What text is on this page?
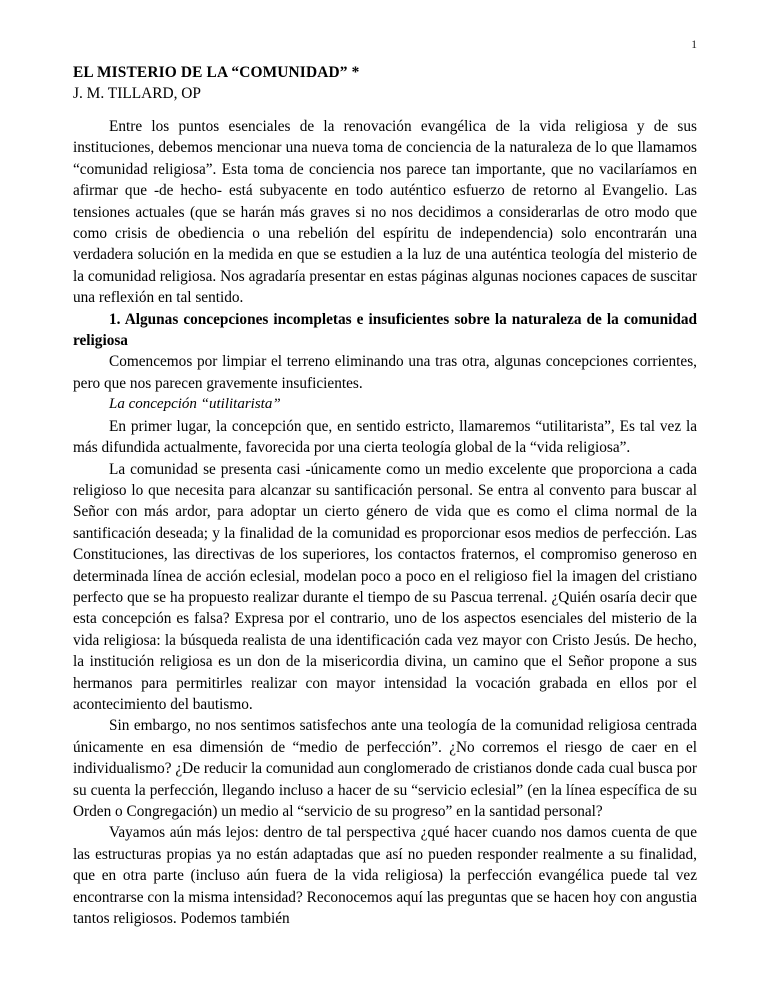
1
EL MISTERIO DE LA “COMUNIDAD” *
J. M. TILLARD, OP

Entre los puntos esenciales de la renovación evangélica de la vida religiosa y de sus instituciones, debemos mencionar una nueva toma de conciencia de la naturaleza de lo que llamamos “comunidad religiosa”. Esta toma de conciencia nos parece tan importante, que no vacilaríamos en afirmar que -de hecho- está subyacente en todo auténtico esfuerzo de retorno al Evangelio. Las tensiones actuales (que se harán más graves si no nos decidimos a considerarlas de otro modo que como crisis de obediencia o una rebelión del espíritu de independencia) solo encontrarán una verdadera solución en la medida en que se estudien a la luz de una auténtica teología del misterio de la comunidad religiosa. Nos agradaría presentar en estas páginas algunas nociones capaces de suscitar una reflexión en tal sentido.

1. Algunas concepciones incompletas e insuficientes sobre la naturaleza de la comunidad religiosa

Comencemos por limpiar el terreno eliminando una tras otra, algunas concepciones corrientes, pero que nos parecen gravemente insuficientes.

La concepción “utilitarista”

En primer lugar, la concepción que, en sentido estricto, llamaremos “utilitarista”, Es tal vez la más difundida actualmente, favorecida por una cierta teología global de la “vida religiosa”.

La comunidad se presenta casi -únicamente como un medio excelente que proporciona a cada religioso lo que necesita para alcanzar su santificación personal. Se entra al convento para buscar al Señor con más ardor, para adoptar un cierto género de vida que es como el clima normal de la santificación deseada; y la finalidad de la comunidad es proporcionar esos medios de perfección. Las Constituciones, las directivas de los superiores, los contactos fraternos, el compromiso generoso en determinada línea de acción eclesial, modelan poco a poco en el religioso fiel la imagen del cristiano perfecto que se ha propuesto realizar durante el tiempo de su Pascua terrenal. ¿Quién osaría decir que esta concepción es falsa? Expresa por el contrario, uno de los aspectos esenciales del misterio de la vida religiosa: la búsqueda realista de una identificación cada vez mayor con Cristo Jesús. De hecho, la institución religiosa es un don de la misericordia divina, un camino que el Señor propone a sus hermanos para permitirles realizar con mayor intensidad la vocación grabada en ellos por el acontecimiento del bautismo.

Sin embargo, no nos sentimos satisfechos ante una teología de la comunidad religiosa centrada únicamente en esa dimensión de “medio de perfección”. ¿No corremos el riesgo de caer en el individualismo? ¿De reducir la comunidad aun conglomerado de cristianos donde cada cual busca por su cuenta la perfección, llegando incluso a hacer de su “servicio eclesial” (en la línea específica de su Orden o Congregación) un medio al “servicio de su progreso” en la santidad personal?

Vayamos aún más lejos: dentro de tal perspectiva ¿qué hacer cuando nos damos cuenta de que las estructuras propias ya no están adaptadas que así no pueden responder realmente a su finalidad, que en otra parte (incluso aún fuera de la vida religiosa) la perfección evangélica puede tal vez encontrarse con la misma intensidad? Reconocemos aquí las preguntas que se hacen hoy con angustia tantos religiosos. Podemos también
